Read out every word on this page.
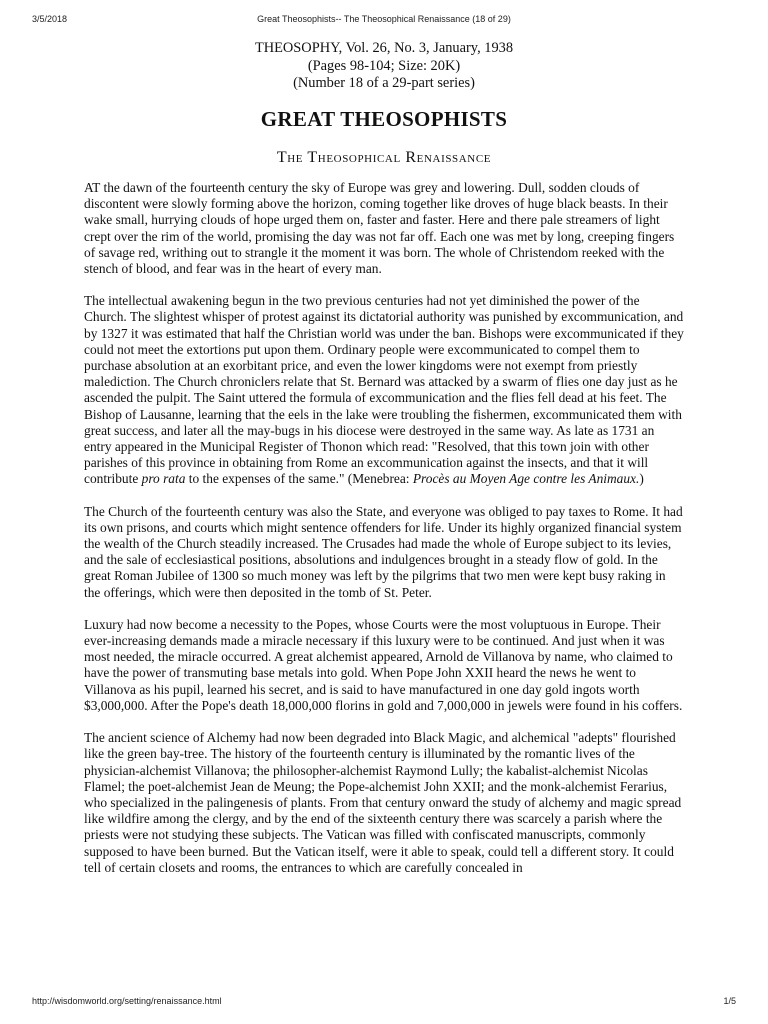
3/5/2018	Great Theosophists-- The Theosophical Renaissance (18 of 29)
THEOSOPHY, Vol. 26, No. 3, January, 1938
(Pages 98-104; Size: 20K)
(Number 18 of a 29-part series)
GREAT THEOSOPHISTS
The Theosophical Renaissance

AT the dawn of the fourteenth century the sky of Europe was grey and lowering. Dull, sodden clouds of discontent were slowly forming above the horizon, coming together like droves of huge black beasts. In their wake small, hurrying clouds of hope urged them on, faster and faster. Here and there pale streamers of light crept over the rim of the world, promising the day was not far off. Each one was met by long, creeping fingers of savage red, writhing out to strangle it the moment it was born. The whole of Christendom reeked with the stench of blood, and fear was in the heart of every man.

The intellectual awakening begun in the two previous centuries had not yet diminished the power of the Church. The slightest whisper of protest against its dictatorial authority was punished by excommunication, and by 1327 it was estimated that half the Christian world was under the ban. Bishops were excommunicated if they could not meet the extortions put upon them. Ordinary people were excommunicated to compel them to purchase absolution at an exorbitant price, and even the lower kingdoms were not exempt from priestly malediction. The Church chroniclers relate that St. Bernard was attacked by a swarm of flies one day just as he ascended the pulpit. The Saint uttered the formula of excommunication and the flies fell dead at his feet. The Bishop of Lausanne, learning that the eels in the lake were troubling the fishermen, excommunicated them with great success, and later all the may-bugs in his diocese were destroyed in the same way. As late as 1731 an entry appeared in the Municipal Register of Thonon which read: "Resolved, that this town join with other parishes of this province in obtaining from Rome an excommunication against the insects, and that it will contribute pro rata to the expenses of the same." (Menebrea: Procès au Moyen Age contre les Animaux.)

The Church of the fourteenth century was also the State, and everyone was obliged to pay taxes to Rome. It had its own prisons, and courts which might sentence offenders for life. Under its highly organized financial system the wealth of the Church steadily increased. The Crusades had made the whole of Europe subject to its levies, and the sale of ecclesiastical positions, absolutions and indulgences brought in a steady flow of gold. In the great Roman Jubilee of 1300 so much money was left by the pilgrims that two men were kept busy raking in the offerings, which were then deposited in the tomb of St. Peter.

Luxury had now become a necessity to the Popes, whose Courts were the most voluptuous in Europe. Their ever-increasing demands made a miracle necessary if this luxury were to be continued. And just when it was most needed, the miracle occurred. A great alchemist appeared, Arnold de Villanova by name, who claimed to have the power of transmuting base metals into gold. When Pope John XXII heard the news he went to Villanova as his pupil, learned his secret, and is said to have manufactured in one day gold ingots worth $3,000,000. After the Pope's death 18,000,000 florins in gold and 7,000,000 in jewels were found in his coffers.

The ancient science of Alchemy had now been degraded into Black Magic, and alchemical "adepts" flourished like the green bay-tree. The history of the fourteenth century is illuminated by the romantic lives of the physician-alchemist Villanova; the philosopher-alchemist Raymond Lully; the kabalist-alchemist Nicolas Flamel; the poet-alchemist Jean de Meung; the Pope-alchemist John XXII; and the monk-alchemist Ferarius, who specialized in the palingenesis of plants. From that century onward the study of alchemy and magic spread like wildfire among the clergy, and by the end of the sixteenth century there was scarcely a parish where the priests were not studying these subjects. The Vatican was filled with confiscated manuscripts, commonly supposed to have been burned. But the Vatican itself, were it able to speak, could tell a different story. It could tell of certain closets and rooms, the entrances to which are carefully concealed in

http://wisdomworld.org/setting/renaissance.html	1/5
